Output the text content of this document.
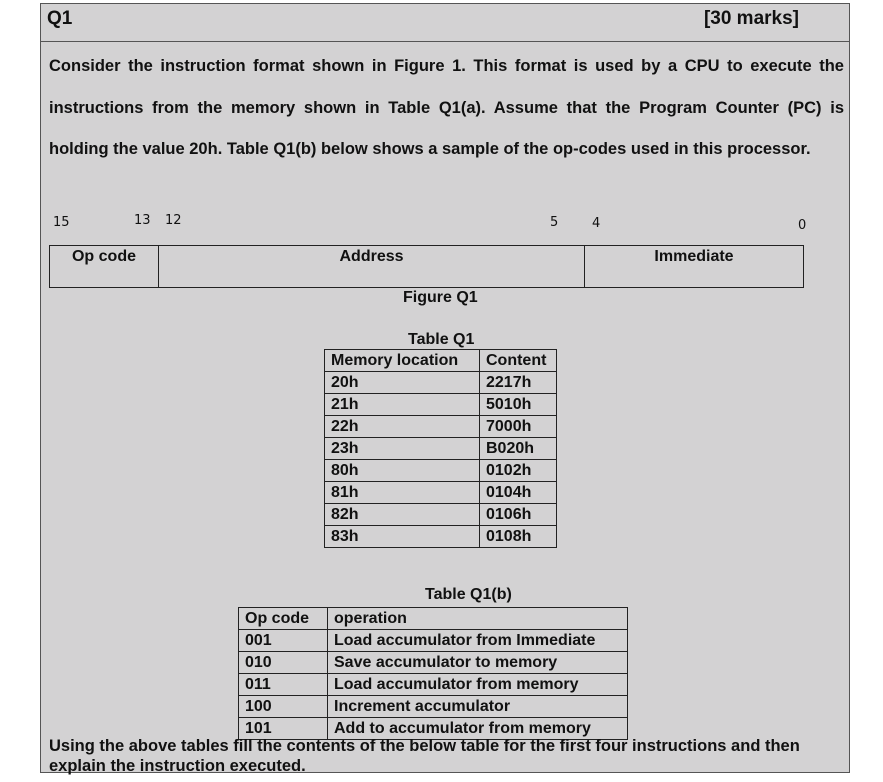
Q1	[30 marks]

Consider the instruction format shown in Figure 1. This format is used by a CPU to execute the instructions from the memory shown in Table Q1(a). Assume that the Program Counter (PC) is holding the value 20h. Table Q1(b) below shows a sample of the op-codes used in this processor.

15	13 12	5	4	0
Op code	Address	Immediate
Figure Q1
Table Q1
Memory location	Content
20h	2217h
21h	5010h
22h	7000h
23h	B020h
80h	0102h
81h	0104h
82h	0106h
83h	0108h
Table Q1(b)
Op code	operation
001	Load accumulator from Immediate
010	Save accumulator to memory
011	Load accumulator from memory
100	Increment accumulator
101	Add to accumulator from memory

Using the above tables fill the contents of the below table for the first four instructions and then explain the instruction executed.
